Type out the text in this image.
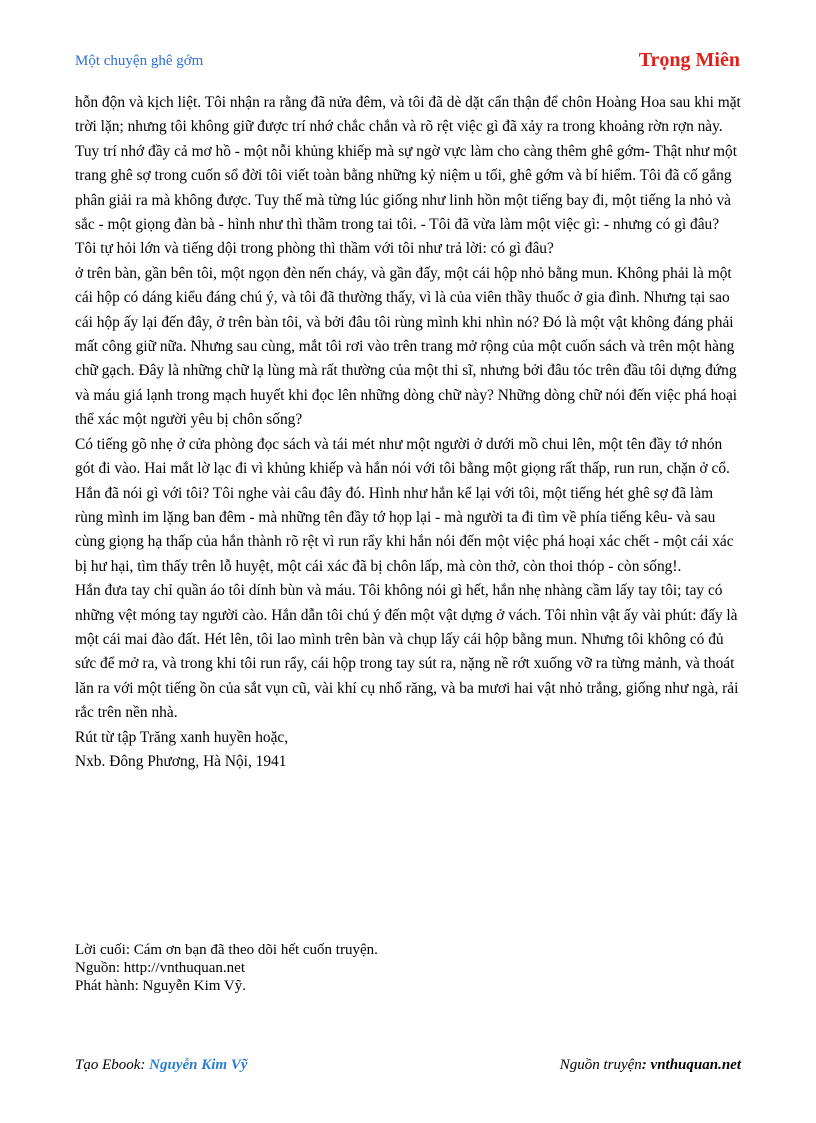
Một chuyện ghê gớm	Trọng Miên

hỗn độn và kịch liệt. Tôi nhận ra rằng đã nửa đêm, và tôi đã dè dặt cẩn thận để chôn Hoàng Hoa sau khi mặt trời lặn; nhưng tôi không giữ được trí nhớ chắc chắn và rõ rệt việc gì đã xảy ra trong khoảng rờn rợn này. Tuy trí nhớ đầy cả mơ hồ - một nỗi khủng khiếp mà sự ngờ vực làm cho càng thêm ghê gớm- Thật như một trang ghê sợ trong cuốn sổ đời tôi viết toàn bằng những kỷ niệm u tối, ghê gớm và bí hiểm. Tôi đã cố gắng phân giải ra mà không được. Tuy thế mà từng lúc giống như linh hồn một tiếng bay đi, một tiếng la nhỏ và sắc - một giọng đàn bà - hình như thì thầm trong tai tôi. - Tôi đã vừa làm một việc gì: - nhưng có gì đâu? Tôi tự hỏi lớn và tiếng dội trong phòng thì thầm với tôi như trả lời: có gì đâu?

ở trên bàn, gần bên tôi, một ngọn đèn nến cháy, và gần đấy, một cái hộp nhỏ bằng mun. Không phải là một cái hộp có dáng kiểu đáng chú ý, và tôi đã thường thấy, vì là của viên thầy thuốc ở gia đình. Nhưng tại sao cái hộp ấy lại đến đây, ở trên bàn tôi, và bởi đâu tôi rùng mình khi nhìn nó? Đó là một vật không đáng phải mất công giữ nữa. Nhưng sau cùng, mắt tôi rơi vào trên trang mở rộng của một cuốn sách và trên một hàng chữ gạch. Đây là những chữ lạ lùng mà rất thường của một thi sĩ, nhưng bởi đâu tóc trên đầu tôi dựng đứng và máu giá lạnh trong mạch huyết khi đọc lên những dòng chữ này? Những dòng chữ nói đến việc phá hoại thể xác một người yêu bị chôn sống?

Có tiếng gõ nhẹ ở cửa phòng đọc sách và tái mét như một người ở dưới mồ chui lên, một tên đầy tớ nhón gót đi vào. Hai mắt lờ lạc đi vì khủng khiếp và hắn nói với tôi bằng một giọng rất thấp, run run, chặn ở cổ. Hắn đã nói gì với tôi? Tôi nghe vài câu đây đó. Hình như hắn kể lại với tôi, một tiếng hét ghê sợ đã làm rùng mình im lặng ban đêm - mà những tên đầy tớ họp lại - mà người ta đi tìm về phía tiếng kêu- và sau cùng giọng hạ thấp của hắn thành rõ rệt vì run rẩy khi hắn nói đến một việc phá hoại xác chết - một cái xác bị hư hại, tìm thấy trên lỗ huyệt, một cái xác đã bị chôn lấp, mà còn thở, còn thoi thóp - còn sống!.

Hắn đưa tay chỉ quần áo tôi dính bùn và máu. Tôi không nói gì hết, hắn nhẹ nhàng cầm lấy tay tôi; tay có những vệt móng tay người cào. Hắn dẫn tôi chú ý đến một vật dựng ở vách. Tôi nhìn vật ấy vài phút: đấy là một cái mai đào đất. Hét lên, tôi lao mình trên bàn và chụp lấy cái hộp bằng mun. Nhưng tôi không có đủ sức để mở ra, và trong khi tôi run rẩy, cái hộp trong tay sút ra, nặng nề rớt xuống vỡ ra từng mảnh, và thoát lăn ra với một tiếng ồn của sắt vụn cũ, vài khí cụ nhổ răng, và ba mươi hai vật nhỏ trắng, giống như ngà, rải rắc trên nền nhà.

Rút từ tập Trăng xanh huyền hoặc,

Nxb. Đông Phương, Hà Nội, 1941

Lời cuối: Cám ơn bạn đã theo dõi hết cuốn truyện.
Nguồn: http://vnthuquan.net
Phát hành: Nguyễn Kim Vỹ.
Tạo Ebook: Nguyễn Kim Vỹ	Nguồn truyện: vnthuquan.net
